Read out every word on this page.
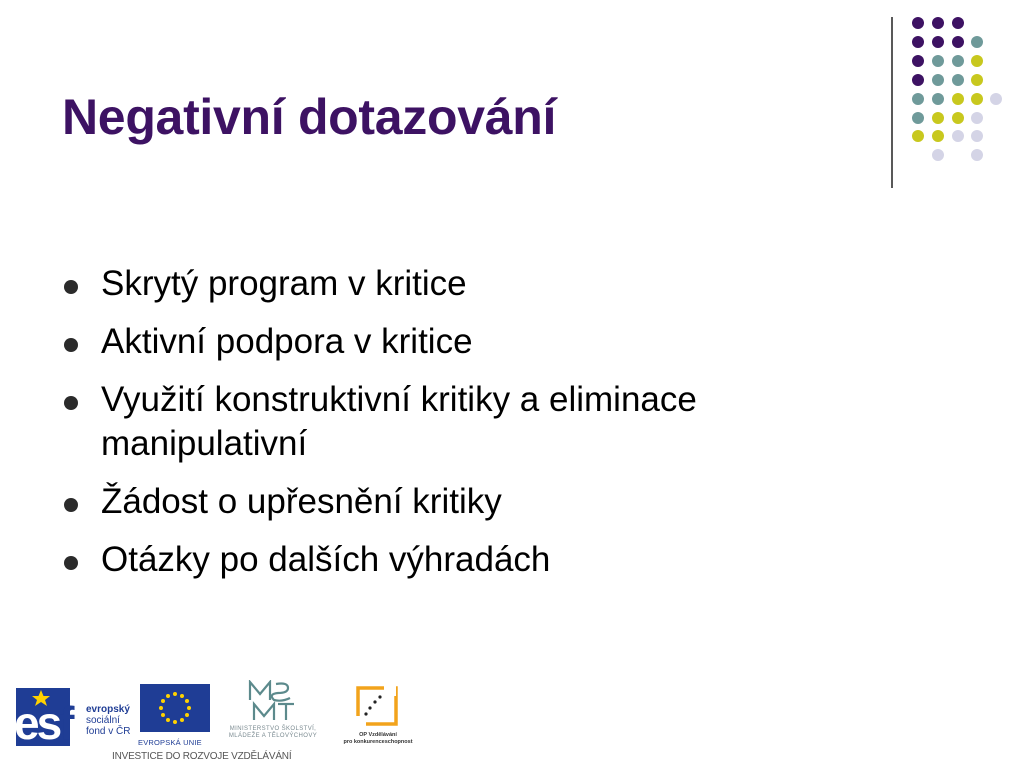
Negativní dotazování
Skrytý program v kritice
Aktivní podpora v kritice
Využití konstruktivní kritiky a eliminace manipulativní
Žádost o upřesnění kritiky
Otázky po dalších výhradách
esf evropský
sociální
fond v ČR
EVROPSKÁ UNIE
MINISTERSTVO ŠKOLSTVÍ,
MLÁDEŽE A TĚLOVÝCHOVY	OP Vzdělávání
pro konkurenceschopnost
INVESTICE DO ROZVOJE VZDĚLÁVÁNÍ
